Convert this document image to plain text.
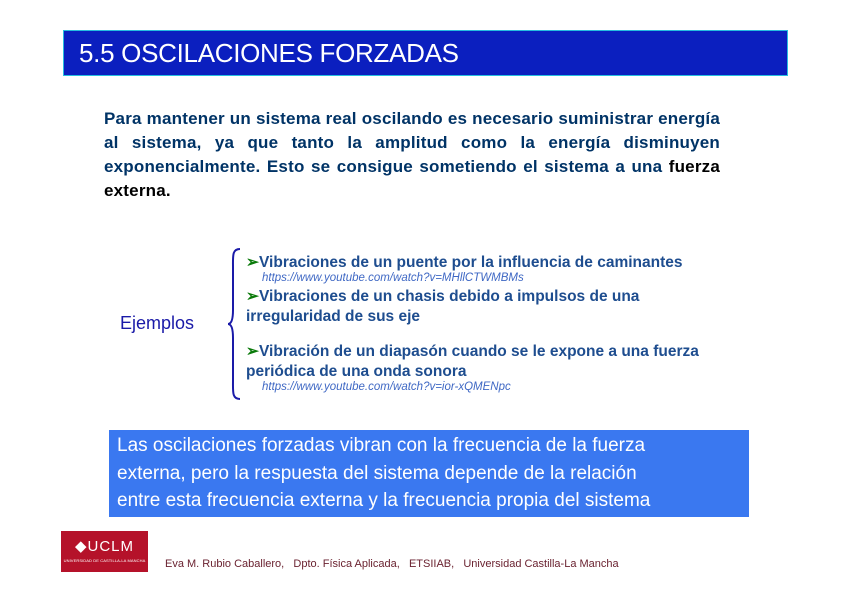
5.5 OSCILACIONES FORZADAS

Para mantener un sistema real oscilando es necesario suministrar energía al sistema, ya que tanto la amplitud como la energía disminuyen exponencialmente. Esto se consigue sometiendo el sistema a una fuerza externa.

Ejemplos
➢Vibraciones de un puente por la influencia de caminantes
https://www.youtube.com/watch?v=MHllCTWMBMs
➢Vibraciones de un chasis debido a impulsos de una
irregularidad de sus eje
➢Vibración de un diapasón cuando se le expone a una fuerza
periódica de una onda sonora
https://www.youtube.com/watch?v=ior-xQMENpc

Las oscilaciones forzadas vibran con la frecuencia de la fuerza
externa, pero la respuesta del sistema depende de la relación
entre esta frecuencia externa y la frecuencia propia del sistema

◆UCLM
UNIVERSIDAD DE CASTILLA-LA MANCHA Eva M. Rubio Caballero,   Dpto. Física Aplicada,   ETSIIAB,   Universidad Castilla-La Mancha
